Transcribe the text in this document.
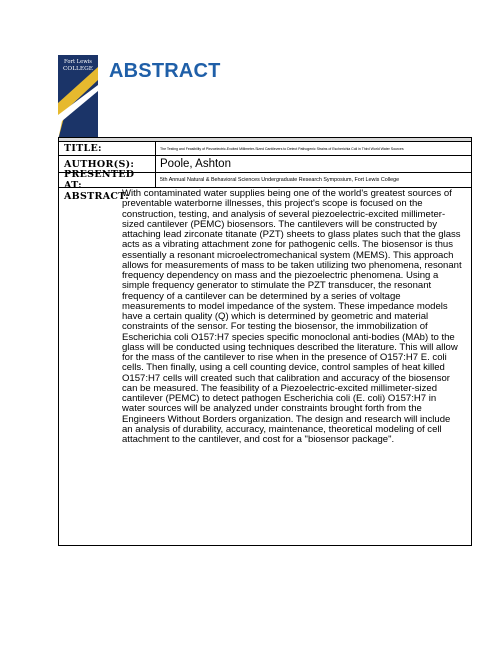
Fort Lewis
COLLEGE ABSTRACT
TITLE:	The Testing and Feasibility of Piezoelectric-Excited Millimeter-Sized Cantilevers to Detect Pathogenic Strains of Escherichia Coli in Third World Water Sources
AUTHOR(S):	Poole, Ashton
PRESENTED AT:	5th Annual Natural & Behavioral Sciences Undergraduate Research Symposium, Fort Lewis College
ABSTRACT:

With contaminated water supplies being one of the world's greatest sources of preventable waterborne illnesses, this project's scope is focused on the construction, testing, and analysis of several piezoelectric-excited millimeter-sized cantilever (PEMC) biosensors. The cantilevers will be constructed by attaching lead zirconate titanate (PZT) sheets to glass plates such that the glass acts as a vibrating attachment zone for pathogenic cells. The biosensor is thus essentially a resonant microelectromechanical system (MEMS). This approach allows for measurements of mass to be taken utilizing two phenomena, resonant frequency dependency on mass and the piezoelectric phenomena. Using a simple frequency generator to stimulate the PZT transducer, the resonant frequency of a cantilever can be determined by a series of voltage measurements to model impedance of the system. These impedance models have a certain quality (Q) which is determined by geometric and material constraints of the sensor. For testing the biosensor, the immobilization of Escherichia coli O157:H7 species specific monoclonal anti-bodies (MAb) to the glass will be conducted using techniques described the literature. This will allow for the mass of the cantilever to rise when in the presence of O157:H7 E. coli cells. Then finally, using a cell counting device, control samples of heat killed O157:H7 cells will created such that calibration and accuracy of the biosensor can be measured. The feasibility of a Piezoelectric-excited millimeter-sized cantilever (PEMC) to detect pathogen Escherichia coli (E. coli) O157:H7 in water sources will be analyzed under constraints brought forth from the Engineers Without Borders organization. The design and research will include an analysis of durability, accuracy, maintenance, theoretical modeling of cell attachment to the cantilever, and cost for a "biosensor package".
